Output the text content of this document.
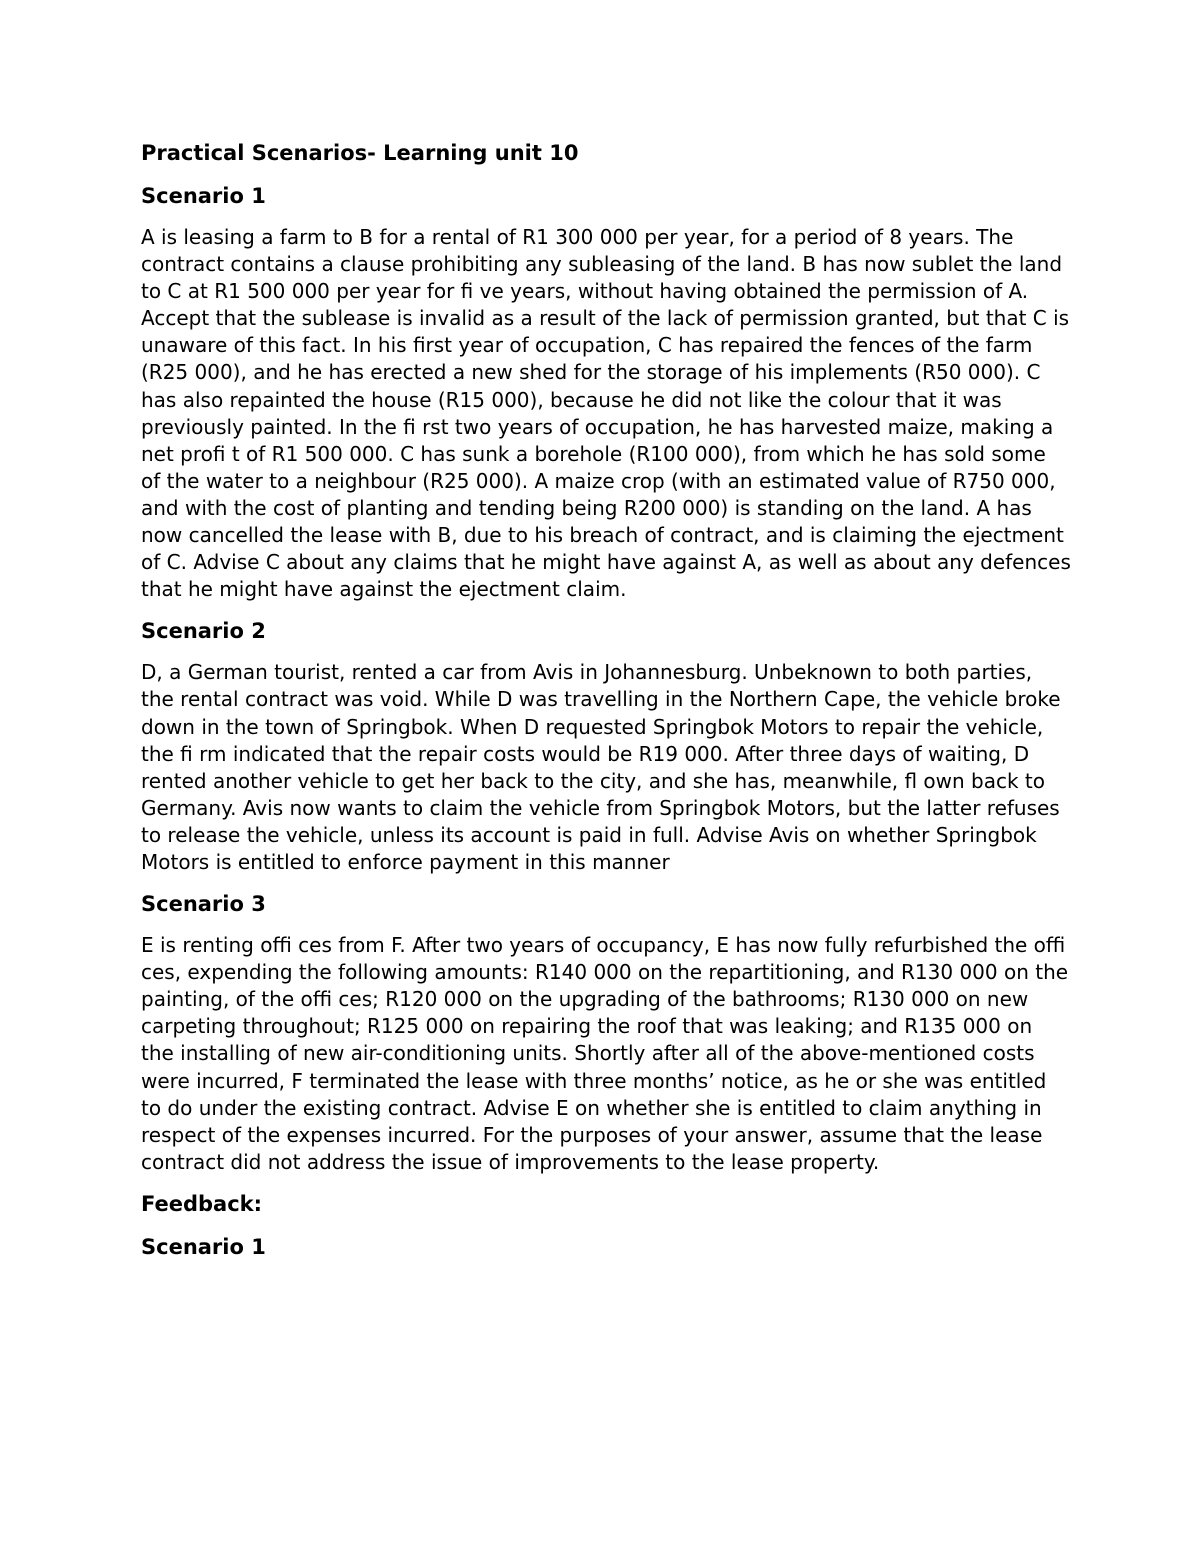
Practical Scenarios- Learning unit 10

Scenario 1

A is leasing a farm to B for a rental of R1 300 000 per year, for a period of 8 years. The contract contains a clause prohibiting any subleasing of the land. B has now sublet the land to C at R1 500 000 per year for fi ve years, without having obtained the permission of A. Accept that the sublease is invalid as a result of the lack of permission granted, but that C is unaware of this fact. In his first year of occupation, C has repaired the fences of the farm (R25 000), and he has erected a new shed for the storage of his implements (R50 000). C has also repainted the house (R15 000), because he did not like the colour that it was previously painted. In the fi rst two years of occupation, he has harvested maize, making a net profi t of R1 500 000. C has sunk a borehole (R100 000), from which he has sold some of the water to a neighbour (R25 000). A maize crop (with an estimated value of R750 000, and with the cost of planting and tending being R200 000) is standing on the land. A has now cancelled the lease with B, due to his breach of contract, and is claiming the ejectment of C. Advise C about any claims that he might have against A, as well as about any defences that he might have against the ejectment claim.

Scenario 2

D, a German tourist, rented a car from Avis in Johannesburg. Unbeknown to both parties, the rental contract was void. While D was travelling in the Northern Cape, the vehicle broke down in the town of Springbok. When D requested Springbok Motors to repair the vehicle, the fi rm indicated that the repair costs would be R19 000. After three days of waiting, D rented another vehicle to get her back to the city, and she has, meanwhile, fl own back to Germany. Avis now wants to claim the vehicle from Springbok Motors, but the latter refuses to release the vehicle, unless its account is paid in full. Advise Avis on whether Springbok Motors is entitled to enforce payment in this manner

Scenario 3

E is renting offi ces from F. After two years of occupancy, E has now fully refurbished the offi ces, expending the following amounts: R140 000 on the repartitioning, and R130 000 on the painting, of the offi ces; R120 000 on the upgrading of the bathrooms; R130 000 on new carpeting throughout; R125 000 on repairing the roof that was leaking; and R135 000 on the installing of new air-conditioning units. Shortly after all of the above-mentioned costs were incurred, F terminated the lease with three months’ notice, as he or she was entitled to do under the existing contract. Advise E on whether she is entitled to claim anything in respect of the expenses incurred. For the purposes of your answer, assume that the lease contract did not address the issue of improvements to the lease property.

Feedback:

Scenario 1
